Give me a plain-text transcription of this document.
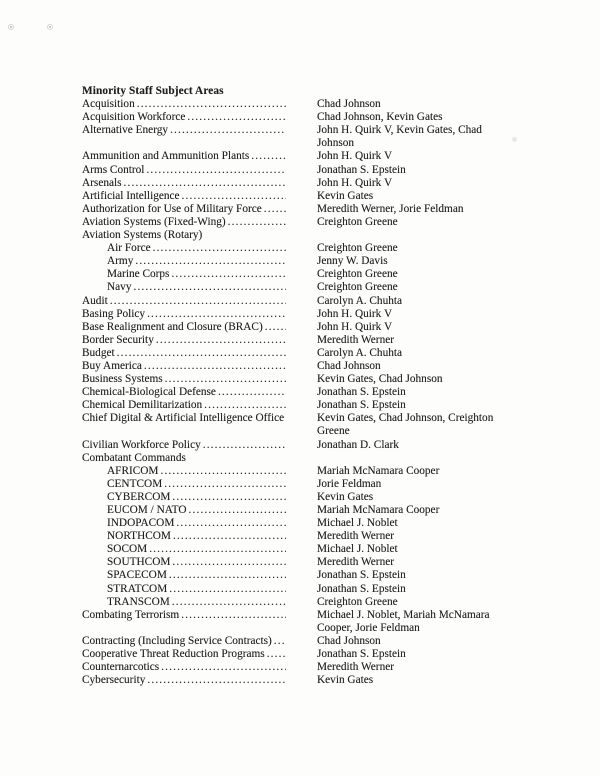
Minority Staff Subject Areas
Acquisition .....	Chad Johnson
Acquisition Workforce .....	Chad Johnson, Kevin Gates
Alternative Energy .....	John H. Quirk V, Kevin Gates, Chad Johnson
Ammunition and Ammunition Plants .....	John H. Quirk V
Arms Control .....	Jonathan S. Epstein
Arsenals .....	John H. Quirk V
Artificial Intelligence .....	Kevin Gates
Authorization for Use of Military Force .....	Meredith Werner, Jorie Feldman
Aviation Systems (Fixed-Wing) .....	Creighton Greene
Aviation Systems (Rotary)
Air Force .....	Creighton Greene
Army .....	Jenny W. Davis
Marine Corps .....	Creighton Greene
Navy .....	Creighton Greene
Audit .....	Carolyn A. Chuhta
Basing Policy .....	John H. Quirk V
Base Realignment and Closure (BRAC) .....	John H. Quirk V
Border Security .....	Meredith Werner
Budget .....	Carolyn A. Chuhta
Buy America .....	Chad Johnson
Business Systems .....	Kevin Gates, Chad Johnson
Chemical-Biological Defense .....	Jonathan S. Epstein
Chemical Demilitarization .....	Jonathan S. Epstein
Chief Digital & Artificial Intelligence Office	Kevin Gates, Chad Johnson, Creighton Greene
Civilian Workforce Policy .....	Jonathan D. Clark
Combatant Commands
AFRICOM .....	Mariah McNamara Cooper
CENTCOM .....	Jorie Feldman
CYBERCOM .....	Kevin Gates
EUCOM / NATO .....	Mariah McNamara Cooper
INDOPACOM .....	Michael J. Noblet
NORTHCOM .....	Meredith Werner
SOCOM .....	Michael J. Noblet
SOUTHCOM .....	Meredith Werner
SPACECOM .....	Jonathan S. Epstein
STRATCOM .....	Jonathan S. Epstein
TRANSCOM .....	Creighton Greene
Combating Terrorism .....	Michael J. Noblet, Mariah McNamara Cooper, Jorie Feldman
Contracting (Including Service Contracts) .....	Chad Johnson
Cooperative Threat Reduction Programs .....	Jonathan S. Epstein
Counternarcotics .....	Meredith Werner
Cybersecurity .....	Kevin Gates
